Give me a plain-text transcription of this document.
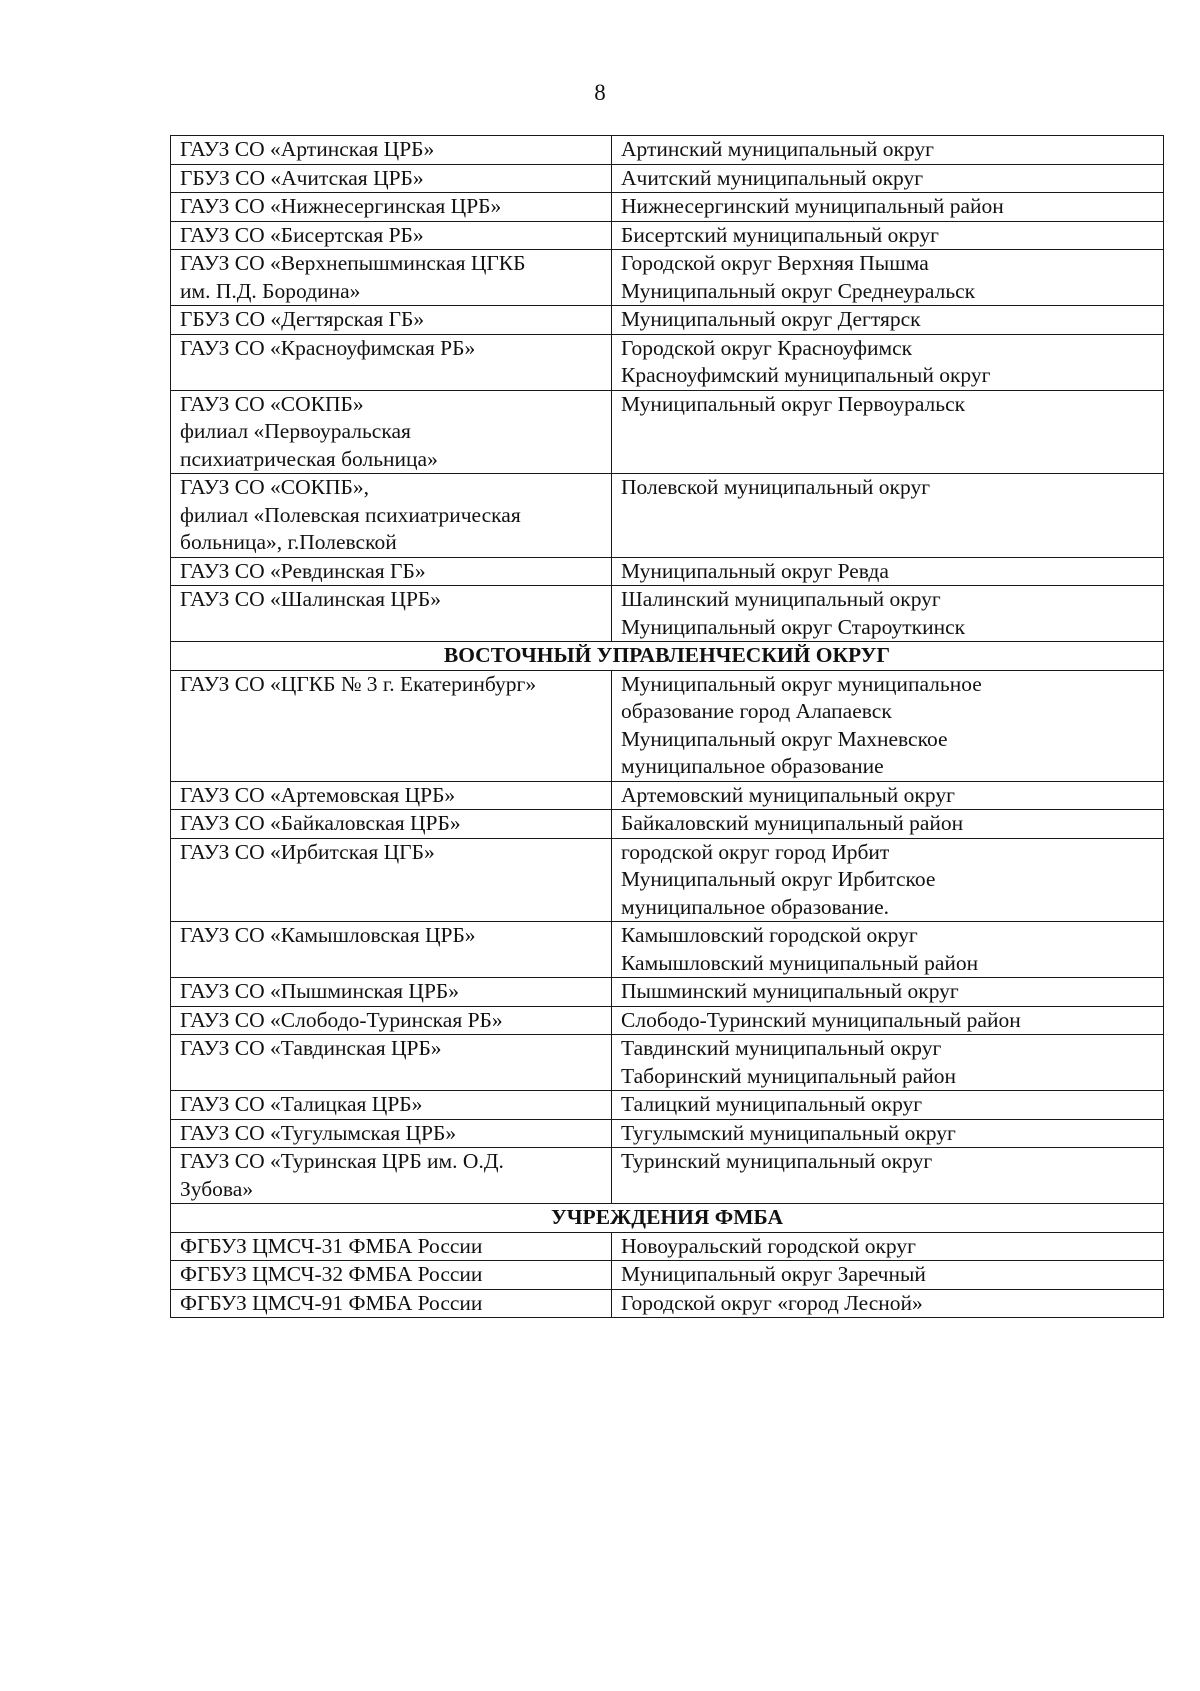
8
ГАУЗ СО «Артинская ЦРБ»	Артинский муниципальный округ
ГБУЗ СО «Ачитская ЦРБ»	Ачитский муниципальный округ
ГАУЗ СО «Нижнесергинская ЦРБ»	Нижнесергинский муниципальный район
ГАУЗ СО «Бисертская РБ»	Бисертский муниципальный округ
ГАУЗ СО «Верхнепышминская ЦГКБ
им. П.Д. Бородина»	Городской округ Верхняя Пышма
Муниципальный округ Среднеуральск
ГБУЗ СО «Дегтярская ГБ»	Муниципальный округ Дегтярск
ГАУЗ СО «Красноуфимская РБ»	Городской округ Красноуфимск
Красноуфимский муниципальный округ
ГАУЗ СО «СОКПБ»
филиал «Первоуральская
психиатрическая больница»	Муниципальный округ Первоуральск
ГАУЗ СО «СОКПБ»,
филиал «Полевская психиатрическая
больница», г.Полевской	Полевской муниципальный округ
ГАУЗ СО «Ревдинская ГБ»	Муниципальный округ Ревда
ГАУЗ СО «Шалинская ЦРБ»	Шалинский муниципальный округ
Муниципальный округ Староуткинск
ВОСТОЧНЫЙ УПРАВЛЕНЧЕСКИЙ ОКРУГ	
ГАУЗ СО «ЦГКБ № 3 г. Екатеринбург»	Муниципальный округ муниципальное
образование город Алапаевск
Муниципальный округ Махневское
муниципальное образование
ГАУЗ СО «Артемовская ЦРБ»	Артемовский муниципальный округ
ГАУЗ СО «Байкаловская ЦРБ»	Байкаловский муниципальный район
ГАУЗ СО «Ирбитская ЦГБ»	городской округ город Ирбит
Муниципальный округ Ирбитское
муниципальное образование.
ГАУЗ СО «Камышловская ЦРБ»	Камышловский городской округ
Камышловский муниципальный район
ГАУЗ СО «Пышминская ЦРБ»	Пышминский муниципальный округ
ГАУЗ СО «Слободо-Туринская РБ»	Слободо-Туринский муниципальный район
ГАУЗ СО «Тавдинская ЦРБ»	Тавдинский муниципальный округ
Таборинский муниципальный район
ГАУЗ СО «Талицкая ЦРБ»	Талицкий муниципальный округ
ГАУЗ СО «Тугулымская ЦРБ»	Тугулымский муниципальный округ
ГАУЗ СО «Туринская ЦРБ им. О.Д.
Зубова»	Туринский муниципальный округ
УЧРЕЖДЕНИЯ ФМБА	
ФГБУЗ ЦМСЧ-31 ФМБА России	Новоуральский городской округ
ФГБУЗ ЦМСЧ-32 ФМБА России	Муниципальный округ Заречный
ФГБУЗ ЦМСЧ-91 ФМБА России	Городской округ «город Лесной»
